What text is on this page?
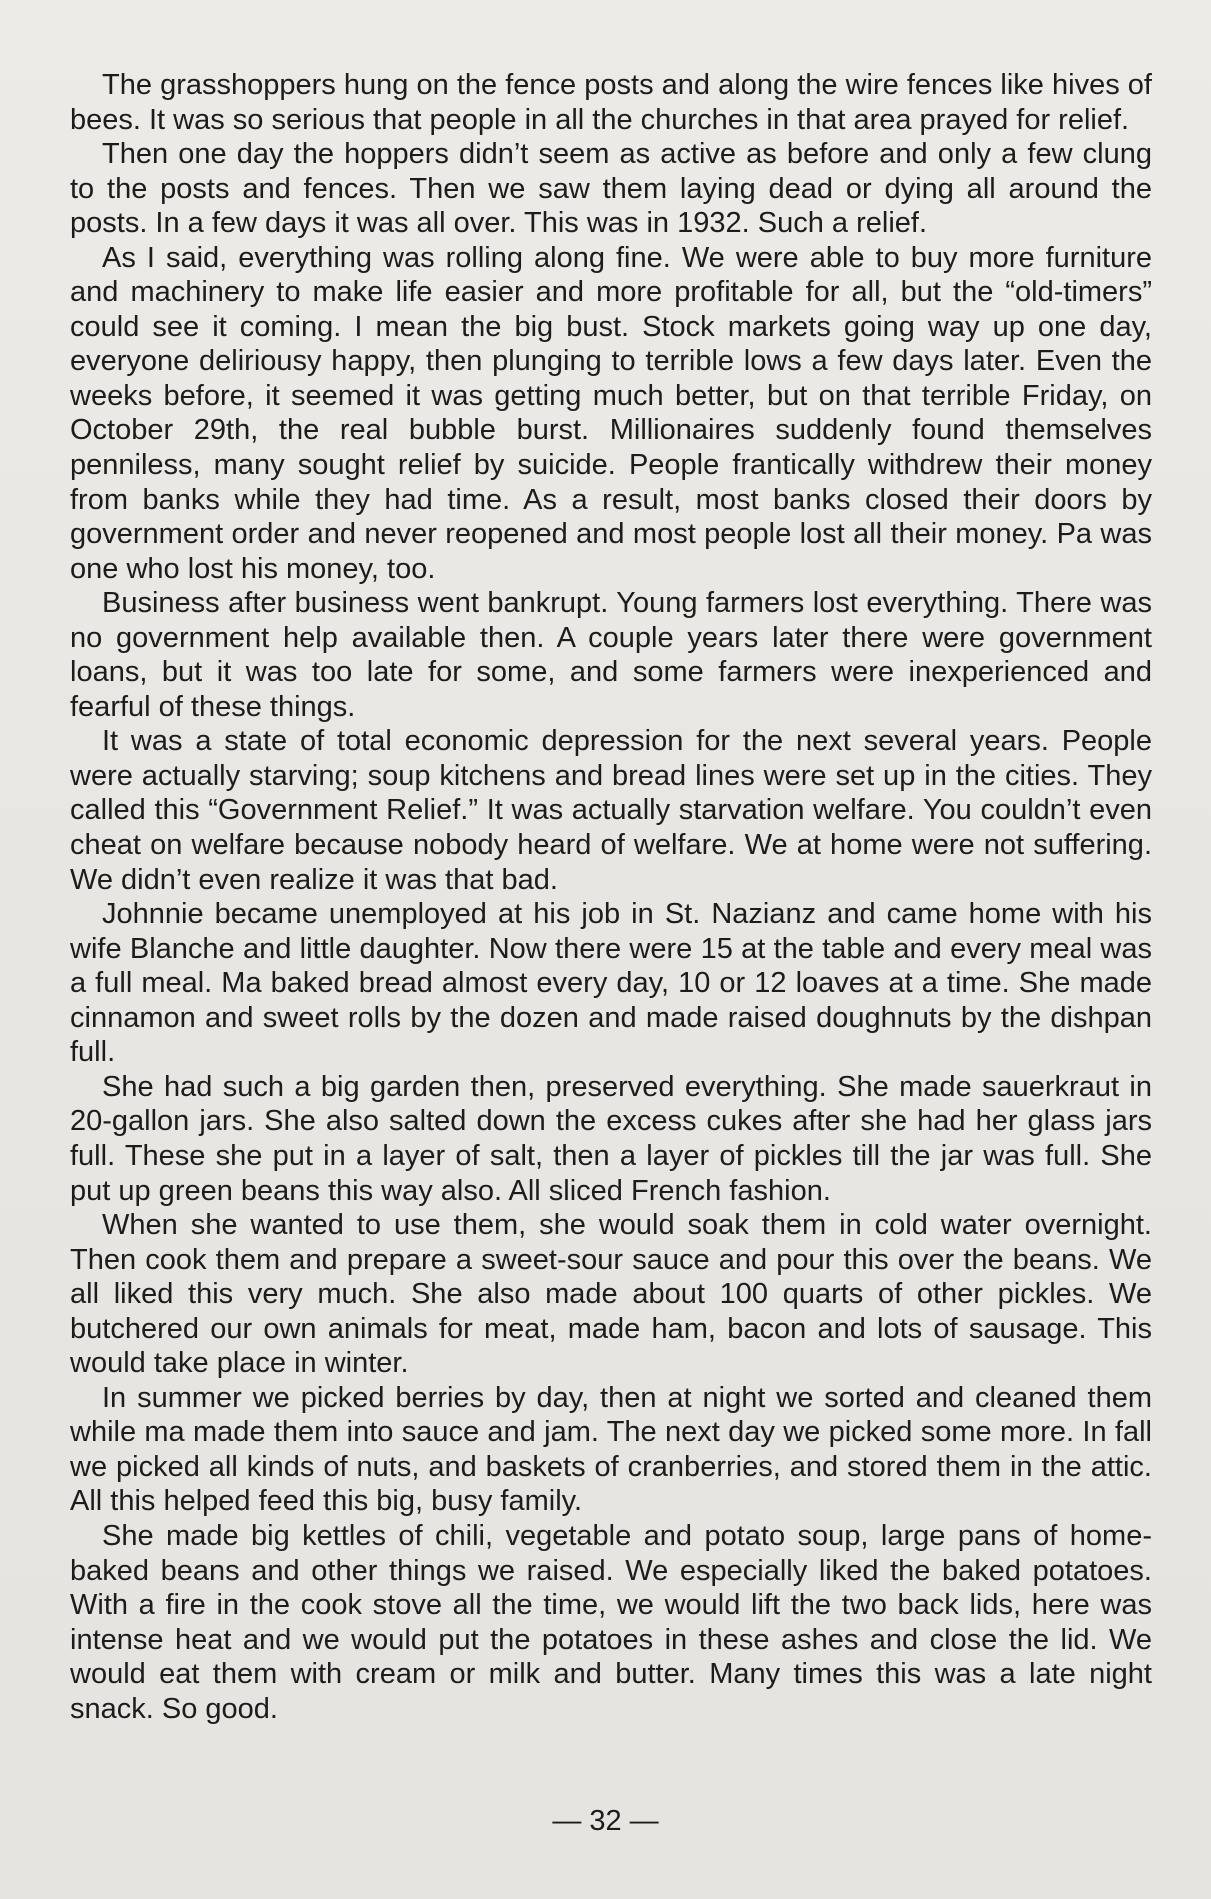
The grasshoppers hung on the fence posts and along the wire fences like hives of bees. It was so serious that people in all the churches in that area prayed for relief.

Then one day the hoppers didn’t seem as active as before and only a few clung to the posts and fences. Then we saw them laying dead or dying all around the posts. In a few days it was all over. This was in 1932. Such a relief.

As I said, everything was rolling along fine. We were able to buy more furniture and machinery to make life easier and more profitable for all, but the “old-timers” could see it coming. I mean the big bust. Stock markets going way up one day, everyone deliriousy happy, then plunging to terrible lows a few days later. Even the weeks before, it seemed it was getting much better, but on that terrible Friday, on October 29th, the real bubble burst. Millionaires suddenly found themselves penniless, many sought relief by suicide. People frantically withdrew their money from banks while they had time. As a result, most banks closed their doors by government order and never reopened and most people lost all their money. Pa was one who lost his money, too.

Business after business went bankrupt. Young farmers lost everything. There was no government help available then. A couple years later there were government loans, but it was too late for some, and some farmers were inexperienced and fearful of these things.

It was a state of total economic depression for the next several years. People were actually starving; soup kitchens and bread lines were set up in the cities. They called this “Government Relief.” It was actually starvation welfare. You couldn’t even cheat on welfare because nobody heard of welfare. We at home were not suffering. We didn’t even realize it was that bad.

Johnnie became unemployed at his job in St. Nazianz and came home with his wife Blanche and little daughter. Now there were 15 at the table and every meal was a full meal. Ma baked bread almost every day, 10 or 12 loaves at a time. She made cinnamon and sweet rolls by the dozen and made raised doughnuts by the dishpan full.

She had such a big garden then, preserved everything. She made sauerkraut in 20-gallon jars. She also salted down the excess cukes after she had her glass jars full. These she put in a layer of salt, then a layer of pickles till the jar was full. She put up green beans this way also. All sliced French fashion.

When she wanted to use them, she would soak them in cold water overnight. Then cook them and prepare a sweet-sour sauce and pour this over the beans. We all liked this very much. She also made about 100 quarts of other pickles. We butchered our own animals for meat, made ham, bacon and lots of sausage. This would take place in winter.

In summer we picked berries by day, then at night we sorted and cleaned them while ma made them into sauce and jam. The next day we picked some more. In fall we picked all kinds of nuts, and baskets of cranberries, and stored them in the attic. All this helped feed this big, busy family.

She made big kettles of chili, vegetable and potato soup, large pans of home-baked beans and other things we raised. We especially liked the baked potatoes. With a fire in the cook stove all the time, we would lift the two back lids, here was intense heat and we would put the potatoes in these ashes and close the lid. We would eat them with cream or milk and butter. Many times this was a late night snack. So good.

— 32 —
